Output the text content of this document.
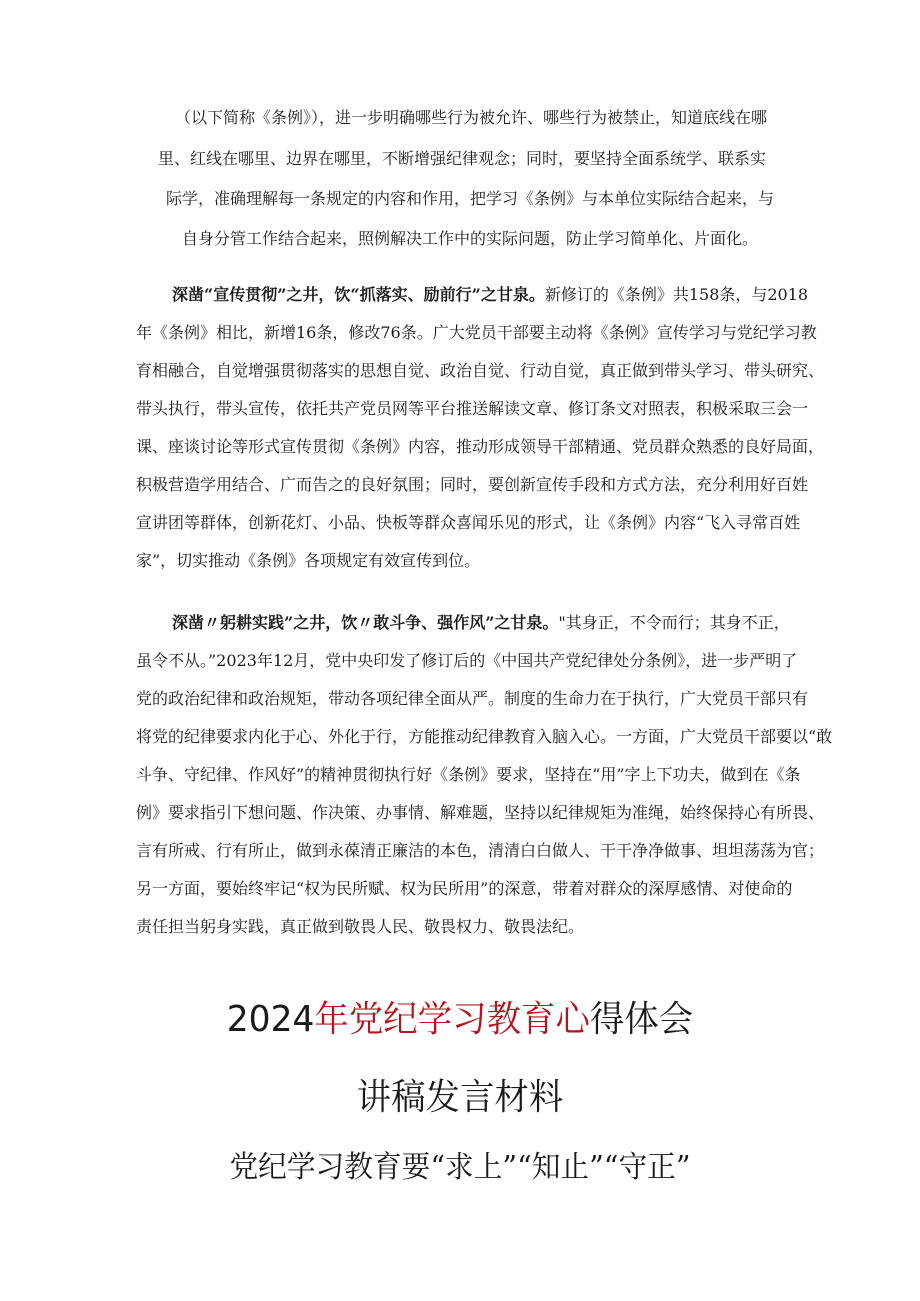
（以下简称《条例》），进一步明确哪些行为被允许、哪些行为被禁止，知道底线在哪
里、红线在哪里、边界在哪里，不断增强纪律观念；同时，要坚持全面系统学、联系实
际学，准确理解每一条规定的内容和作用，把学习《条例》与本单位实际结合起来，与
自身分管工作结合起来，照例解决工作中的实际问题，防止学习简单化、片面化。
深凿“宣传贯彻”之井，饮“抓落实、励前行”之甘泉。新修订的《条例》共158条，与2018
年《条例》相比，新增16条，修改76条。广大党员干部要主动将《条例》宣传学习与党纪学习教
育相融合，自觉增强贯彻落实的思想自觉、政治自觉、行动自觉，真正做到带头学习、带头研究、
带头执行，带头宣传，依托共产党员网等平台推送解读文章、修订条文对照表，积极采取三会一
课、座谈讨论等形式宣传贯彻《条例》内容，推动形成领导干部精通、党员群众熟悉的良好局面，
积极营造学用结合、广而告之的良好氛围；同时，要创新宣传手段和方式方法，充分利用好百姓
宣讲团等群体，创新花灯、小品、快板等群众喜闻乐见的形式，让《条例》内容“飞入寻常百姓
家”，切实推动《条例》各项规定有效宣传到位。
深凿〃躬耕实践”之井，饮〃敢斗争、强作风”之甘泉。"其身正，不令而行；其身不正，
虽令不从。”2023年12月，党中央印发了修订后的《中国共产党纪律处分条例》，进一步严明了
党的政治纪律和政治规矩，带动各项纪律全面从严。制度的生命力在于执行，广大党员干部只有
将党的纪律要求内化于心、外化于行，方能推动纪律教育入脑入心。一方面，广大党员干部要以“敢
斗争、守纪律、作风好”的精神贯彻执行好《条例》要求，坚持在“用”字上下功夫，做到在《条
例》要求指引下想问题、作决策、办事情、解难题，坚持以纪律规矩为准绳，始终保持心有所畏、
言有所戒、行有所止，做到永葆清正廉洁的本色，清清白白做人、干干净净做事、坦坦荡荡为官；
另一方面，要始终牢记“权为民所赋、权为民所用”的深意，带着对群众的深厚感情、对使命的
责任担当躬身实践，真正做到敬畏人民、敬畏权力、敬畏法纪。
2024年党纪学习教育心得体会
讲稿发言材料
党纪学习教育要“求上”“知止”“守正”
